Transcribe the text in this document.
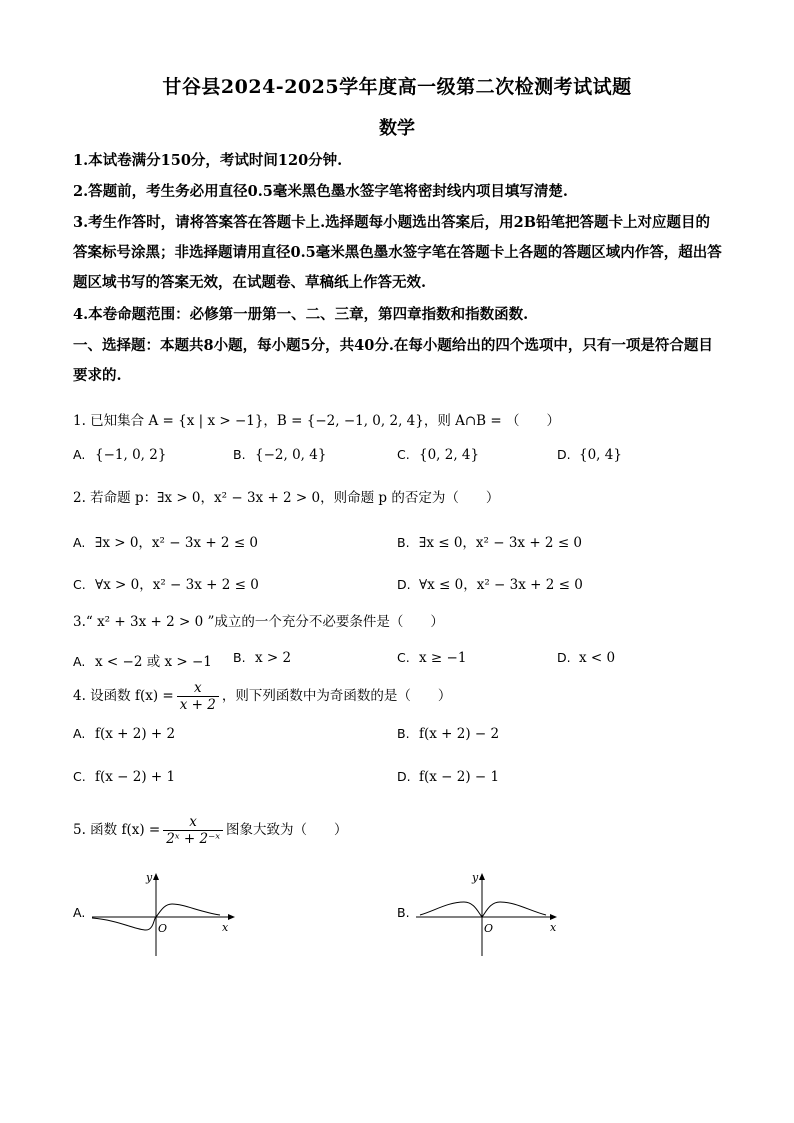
甘谷县2024-2025学年度高一级第二次检测考试试题
数学
1.本试卷满分150分，考试时间120分钟.
2.答题前，考生务必用直径0.5毫米黑色墨水签字笔将密封线内项目填写清楚.
3.考生作答时，请将答案答在答题卡上.选择题每小题选出答案后，用2B铅笔把答题卡上对应题目的答案标号涂黑；非选择题请用直径0.5毫米黑色墨水签字笔在答题卡上各题的答题区域内作答，超出答题区域书写的答案无效，在试题卷、草稿纸上作答无效.
4.本卷命题范围：必修第一册第一、二、三章，第四章指数和指数函数.
一、选择题：本题共8小题，每小题5分，共40分.在每小题给出的四个选项中，只有一项是符合题目要求的.
1. 已知集合 A = {x | x > −1}，B = {−2, −1, 0, 2, 4}，则 A∩B = （　　）
A. {−1, 0, 2}	B. {−2, 0, 4}	C. {0, 2, 4}	D. {0, 4}
2. 若命题 p：∃x > 0，x² − 3x + 2 > 0，则命题 p 的否定为（　　）
A. ∃x > 0，x² − 3x + 2 ≤ 0	B. ∃x ≤ 0，x² − 3x + 2 ≤ 0
C. ∀x > 0，x² − 3x + 2 ≤ 0	D. ∀x ≤ 0，x² − 3x + 2 ≤ 0
3.“ x² + 3x + 2 > 0 ”成立的一个充分不必要条件是（　　）
A. x < −2 或 x > −1 B. x > 2	C. x ≥ −1	D. x < 0
4. 设函数 $f(x) = \frac{x}{x + 2}$ ，则下列函数中为奇函数的是（　　）
A. f(x + 2) + 2	B. f(x + 2) − 2
C. f(x − 2) + 1	D. f(x − 2) − 1
5. 函数 $f(x) = \frac{x}{\text{2ˣ + 2⁻ˣ}}$ 图象大致为（　　）
A.
y
x
O
B.
y
x
O
